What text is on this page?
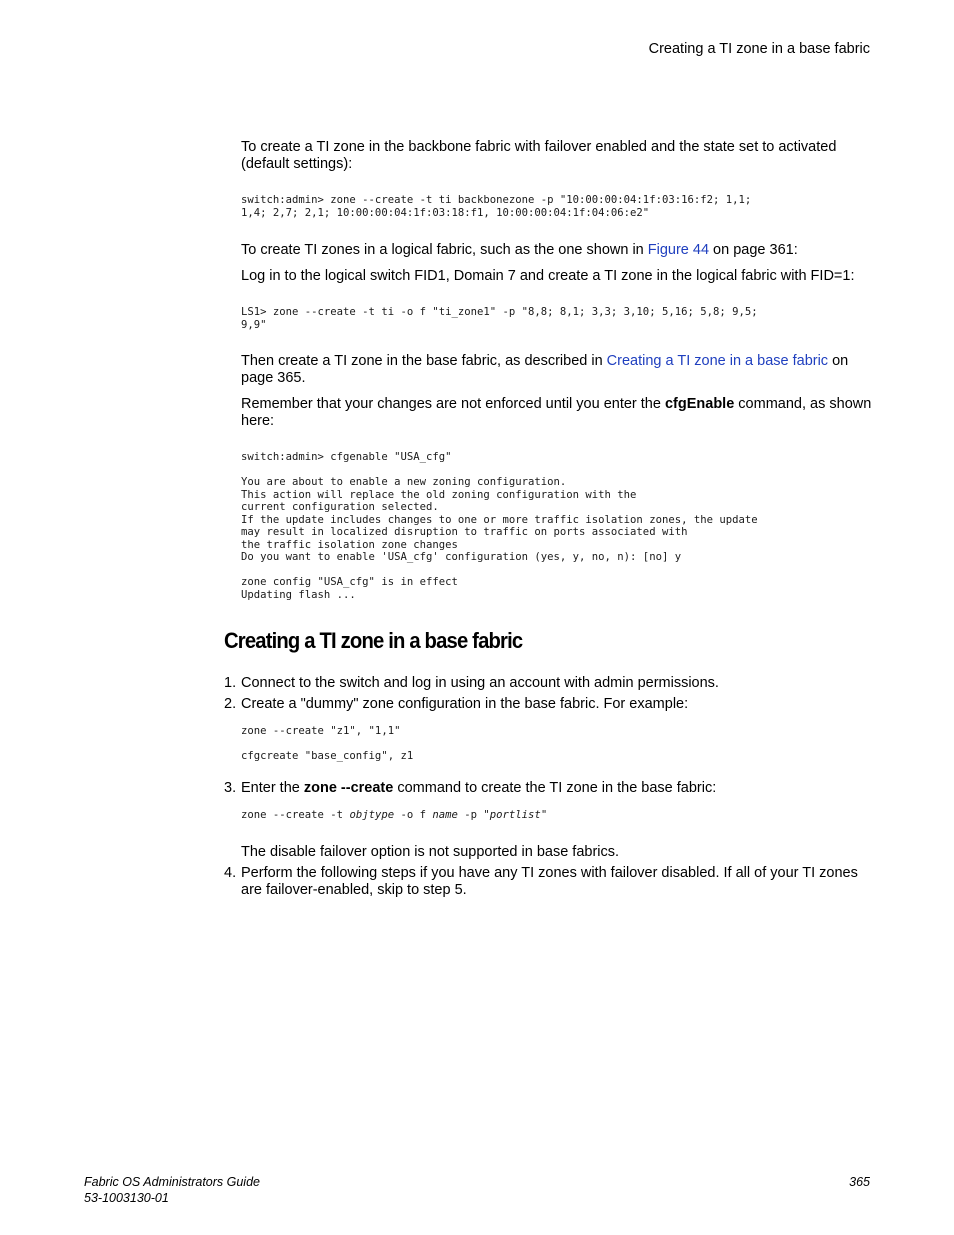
Creating a TI zone in a base fabric
To create a TI zone in the backbone fabric with failover enabled and the state set to activated (default settings):
switch:admin> zone --create -t ti backbonezone -p "10:00:00:04:1f:03:16:f2; 1,1;
1,4; 2,7; 2,1; 10:00:00:04:1f:03:18:f1, 10:00:00:04:1f:04:06:e2"
To create TI zones in a logical fabric, such as the one shown in Figure 44 on page 361:
Log in to the logical switch FID1, Domain 7 and create a TI zone in the logical fabric with FID=1:
LS1> zone --create -t ti -o f "ti_zone1" -p "8,8; 8,1; 3,3; 3,10; 5,16; 5,8; 9,5;
9,9"
Then create a TI zone in the base fabric, as described in Creating a TI zone in a base fabric on page 365.
Remember that your changes are not enforced until you enter the cfgEnable command, as shown here:
switch:admin> cfgenable "USA_cfg"

You are about to enable a new zoning configuration.
This action will replace the old zoning configuration with the
current configuration selected.
If the update includes changes to one or more traffic isolation zones, the update
may result in localized disruption to traffic on ports associated with
the traffic isolation zone changes
Do you want to enable 'USA_cfg' configuration (yes, y, no, n): [no] y

zone config "USA_cfg" is in effect
Updating flash ...
Creating a TI zone in a base fabric
1. Connect to the switch and log in using an account with admin permissions.
2. Create a "dummy" zone configuration in the base fabric. For example:
zone --create "z1", "1,1"

cfgcreate "base_config", z1
3. Enter the zone --create command to create the TI zone in the base fabric:
zone --create -t objtype -o f name -p "portlist"
The disable failover option is not supported in base fabrics.
4. Perform the following steps if you have any TI zones with failover disabled. If all of your TI zones are failover-enabled, skip to step 5.
Fabric OS Administrators Guide
53-1003130-01
365
